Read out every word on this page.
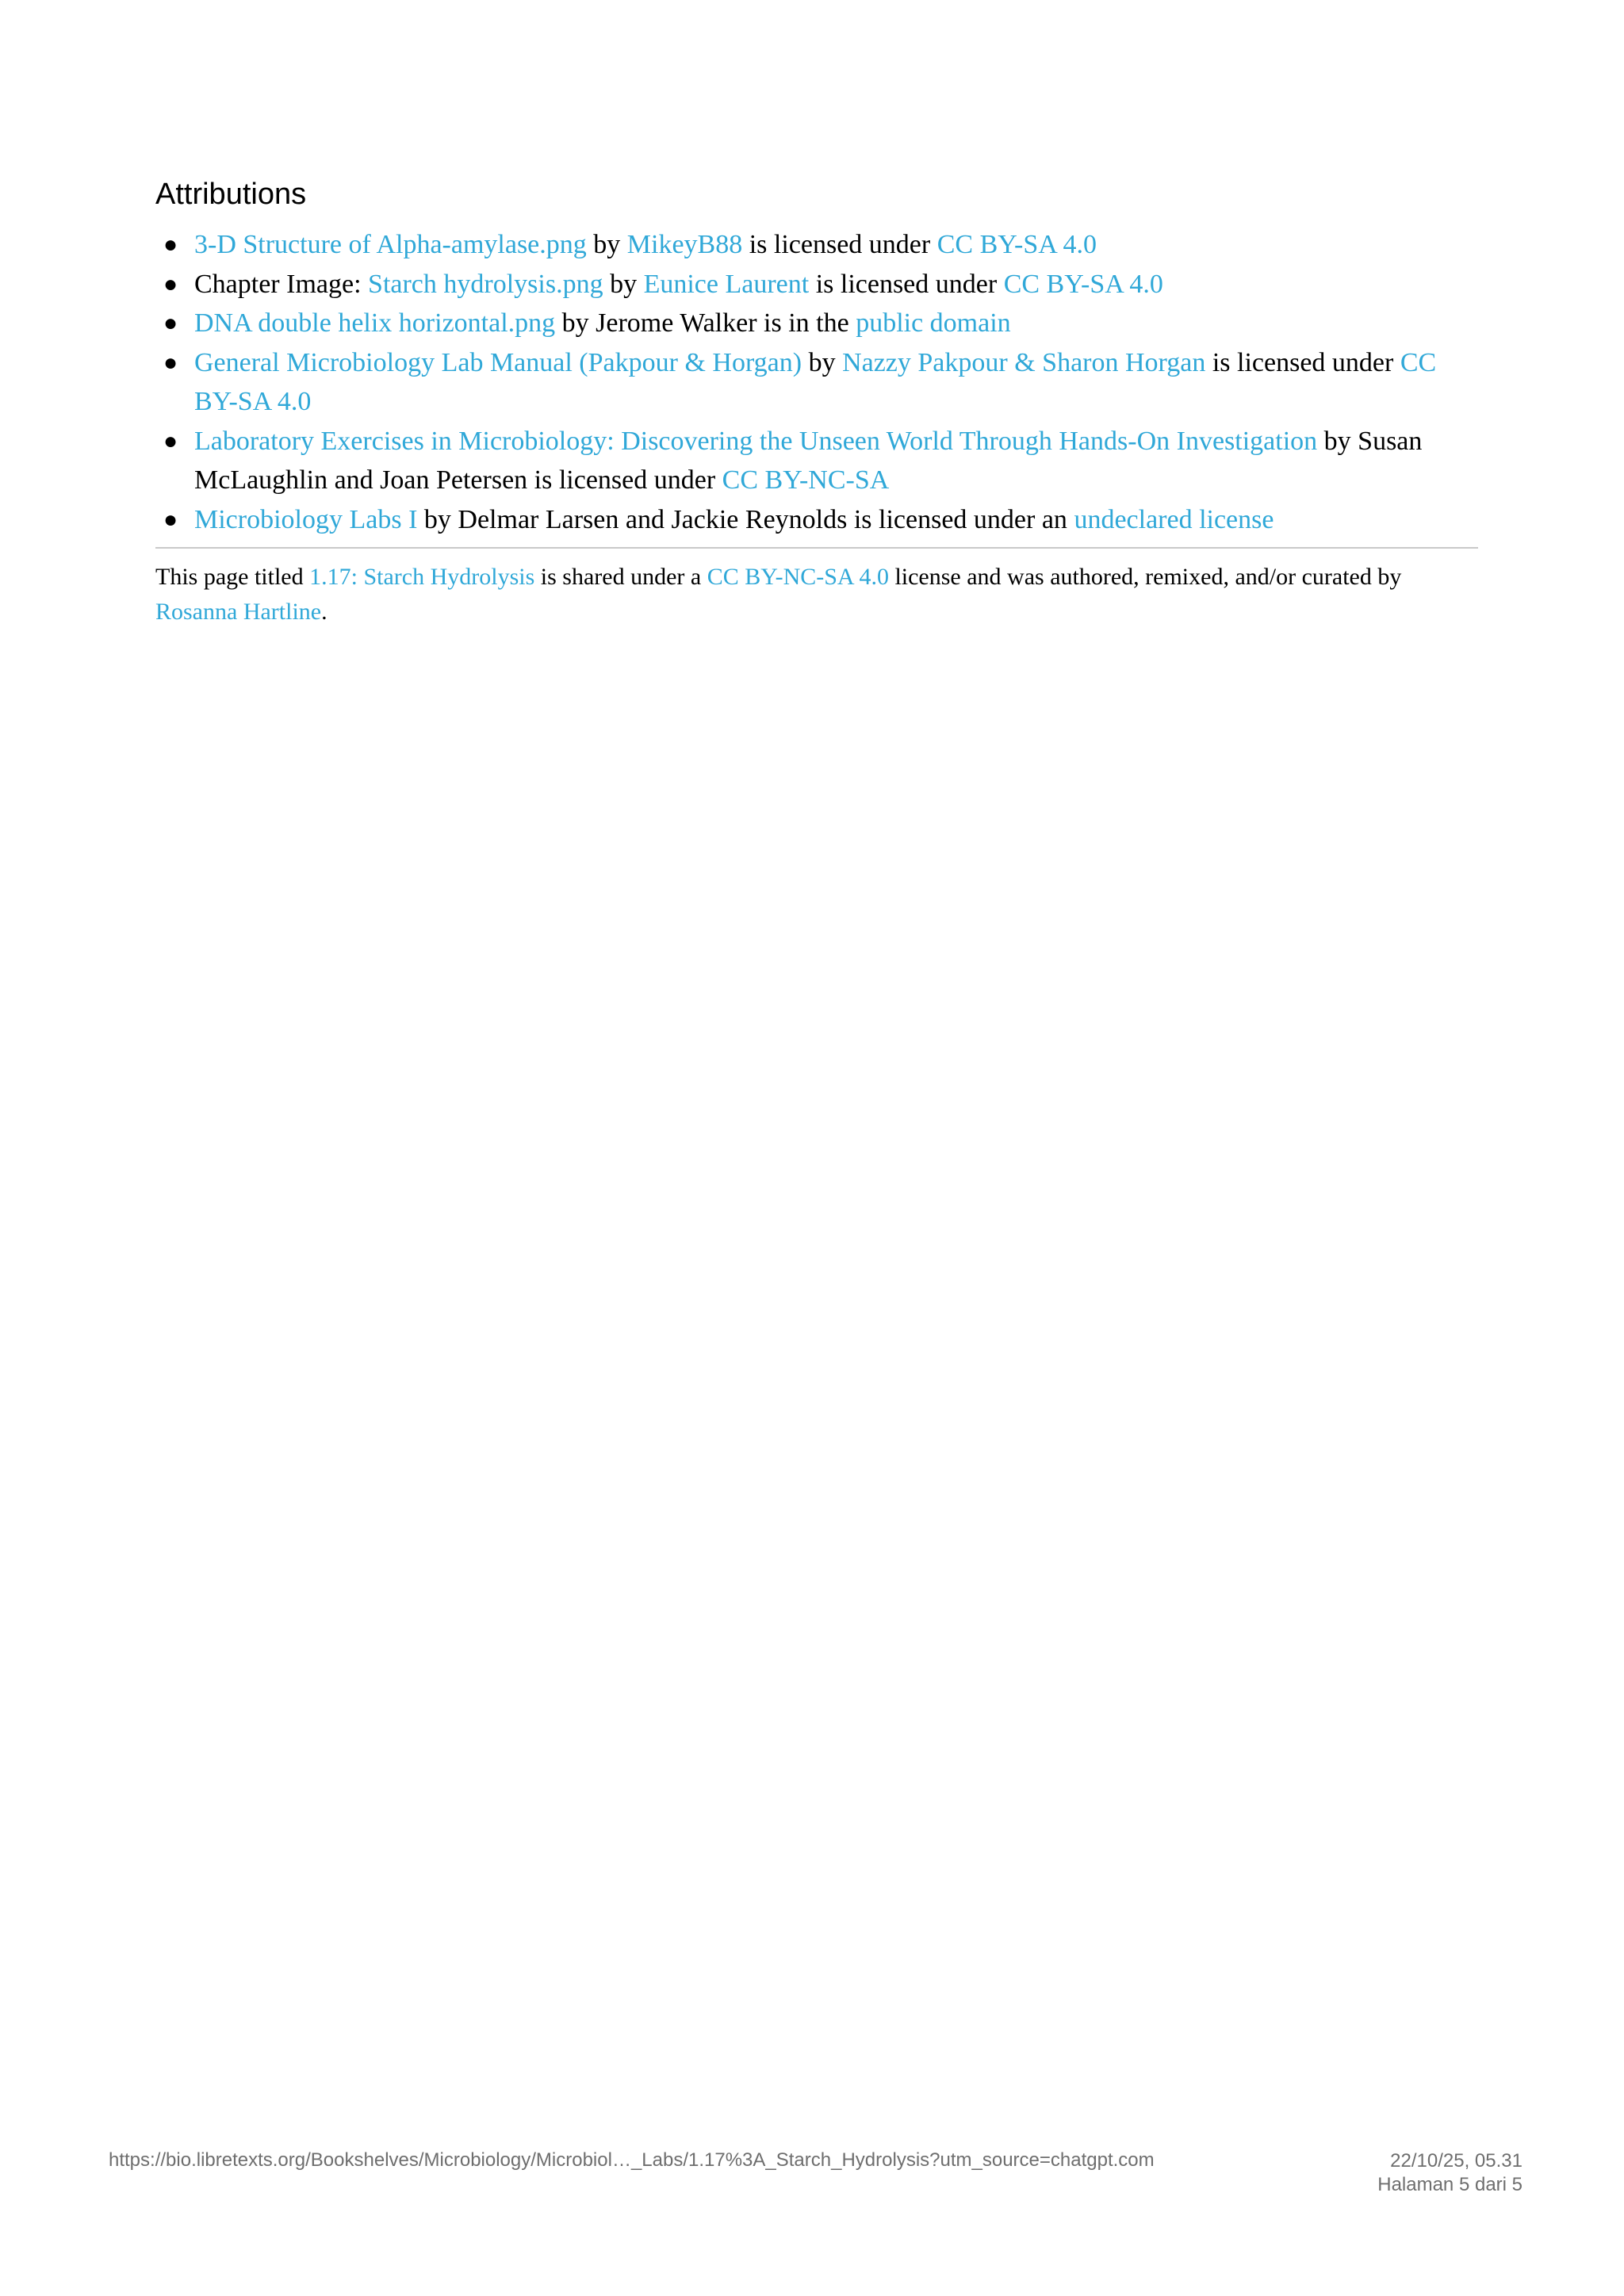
Attributions
● 3-D Structure of Alpha-amylase.png by MikeyB88 is licensed under CC BY-SA 4.0
● Chapter Image: Starch hydrolysis.png by Eunice Laurent is licensed under CC BY-SA 4.0
● DNA double helix horizontal.png by Jerome Walker is in the public domain
● General Microbiology Lab Manual (Pakpour & Horgan) by Nazzy Pakpour & Sharon Horgan is licensed under CC BY-SA 4.0
● Laboratory Exercises in Microbiology: Discovering the Unseen World Through Hands-On Investigation by Susan McLaughlin and Joan Petersen is licensed under CC BY-NC-SA
● Microbiology Labs I by Delmar Larsen and Jackie Reynolds is licensed under an undeclared license

This page titled 1.17: Starch Hydrolysis is shared under a CC BY-NC-SA 4.0 license and was authored, remixed, and/or curated by Rosanna Hartline.

https://bio.libretexts.org/Bookshelves/Microbiology/Microbiol…_Labs/1.17%3A_Starch_Hydrolysis?utm_source=chatgpt.com	22/10/25, 05.31
Halaman 5 dari 5
